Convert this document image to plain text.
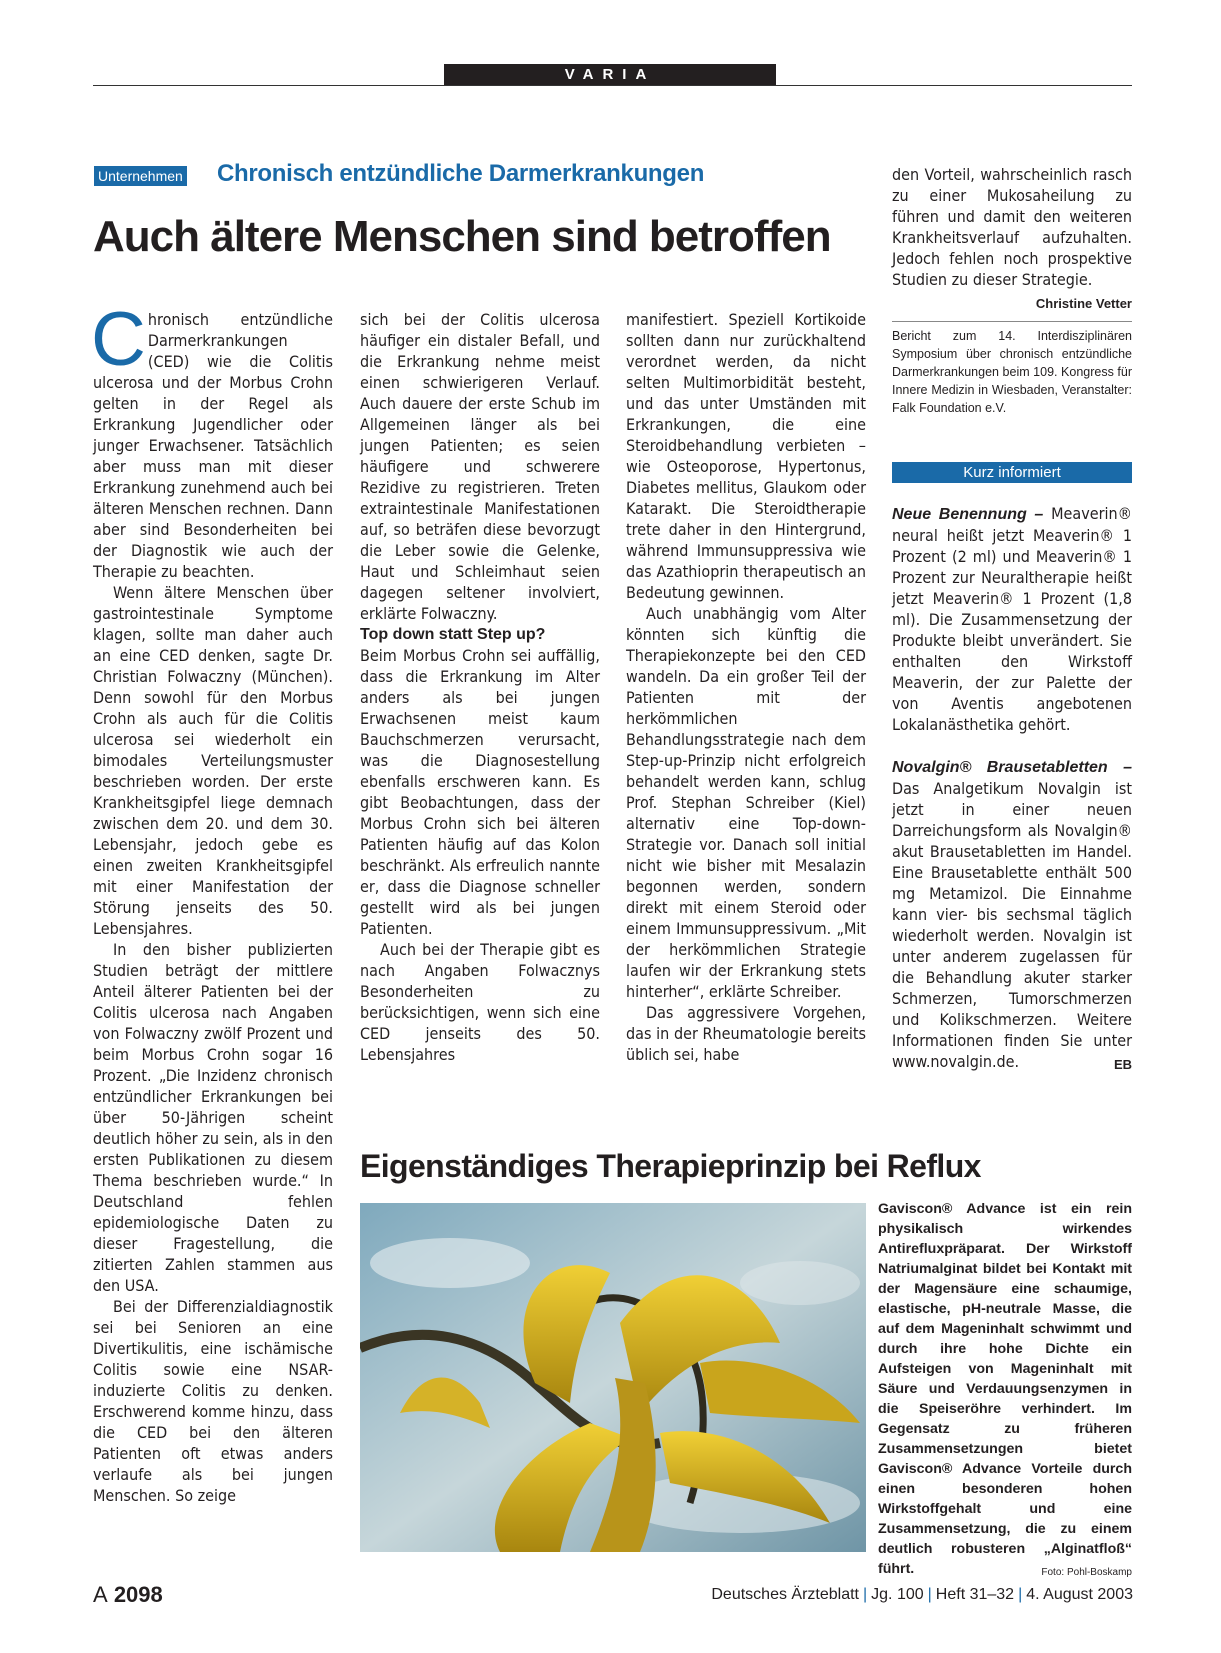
VARIA
Unternehmen Chronisch entzündliche Darmerkrankungen
Auch ältere Menschen sind betroffen

Chronisch entzündliche Darmerkrankungen (CED) wie die Colitis ulcerosa und der Morbus Crohn gelten in der Regel als Erkrankung Jugendlicher oder junger Erwachsener. Tatsächlich aber muss man mit dieser Erkrankung zunehmend auch bei älteren Menschen rechnen. Dann aber sind Besonderheiten bei der Diagnostik wie auch der Therapie zu beachten.

Wenn ältere Menschen über gastrointestinale Symptome klagen, sollte man daher auch an eine CED denken, sagte Dr. Christian Folwaczny (München). Denn sowohl für den Morbus Crohn als auch für die Colitis ulcerosa sei wiederholt ein bimodales Verteilungsmuster beschrieben worden. Der erste Krankheitsgipfel liege demnach zwischen dem 20. und dem 30. Lebensjahr, jedoch gebe es einen zweiten Krankheitsgipfel mit einer Manifestation der Störung jenseits des 50. Lebensjahres.

In den bisher publizierten Studien beträgt der mittlere Anteil älterer Patienten bei der Colitis ulcerosa nach Angaben von Folwaczny zwölf Prozent und beim Morbus Crohn sogar 16 Prozent. „Die Inzidenz chronisch entzündlicher Erkrankungen bei über 50-Jährigen scheint deutlich höher zu sein, als in den ersten Publikationen zu diesem Thema beschrieben wurde.“ In Deutschland fehlen epidemiologische Daten zu dieser Fragestellung, die zitierten Zahlen stammen aus den USA.

Bei der Differenzialdiagnostik sei bei Senioren an eine Divertikulitis, eine ischämische Colitis sowie eine NSAR-induzierte Colitis zu denken. Erschwerend komme hinzu, dass die CED bei den älteren Patienten oft etwas anders verlaufe als bei jungen Menschen. So zeige

sich bei der Colitis ulcerosa häufiger ein distaler Befall, und die Erkrankung nehme meist einen schwierigeren Verlauf. Auch dauere der erste Schub im Allgemeinen länger als bei jungen Patienten; es seien häufigere und schwerere Rezidive zu registrieren. Treten extraintestinale Manifestationen auf, so beträfen diese bevorzugt die Leber sowie die Gelenke, Haut und Schleimhaut seien dagegen seltener involviert, erklärte Folwaczny.

Top down statt Step up?

Beim Morbus Crohn sei auffällig, dass die Erkrankung im Alter anders als bei jungen Erwachsenen meist kaum Bauchschmerzen verursacht, was die Diagnosestellung ebenfalls erschweren kann. Es gibt Beobachtungen, dass der Morbus Crohn sich bei älteren Patienten häufig auf das Kolon beschränkt. Als erfreulich nannte er, dass die Diagnose schneller gestellt wird als bei jungen Patienten.

Auch bei der Therapie gibt es nach Angaben Folwacznys Besonderheiten zu berücksichtigen, wenn sich eine CED jenseits des 50. Lebensjahres

manifestiert. Speziell Kortikoide sollten dann nur zurückhaltend verordnet werden, da nicht selten Multimorbidität besteht, und das unter Umständen mit Erkrankungen, die eine Steroidbehandlung verbieten – wie Osteoporose, Hypertonus, Diabetes mellitus, Glaukom oder Katarakt. Die Steroidtherapie trete daher in den Hintergrund, während Immunsuppressiva wie das Azathioprin therapeutisch an Bedeutung gewinnen.

Auch unabhängig vom Alter könnten sich künftig die Therapiekonzepte bei den CED wandeln. Da ein großer Teil der Patienten mit der herkömmlichen Behandlungsstrategie nach dem Step-up-Prinzip nicht erfolgreich behandelt werden kann, schlug Prof. Stephan Schreiber (Kiel) alternativ eine Top-down-Strategie vor. Danach soll initial nicht wie bisher mit Mesalazin begonnen werden, sondern direkt mit einem Steroid oder einem Immunsuppressivum. „Mit der herkömmlichen Strategie laufen wir der Erkrankung stets hinterher“, erklärte Schreiber.

Das aggressivere Vorgehen, das in der Rheumatologie bereits üblich sei, habe

den Vorteil, wahrscheinlich rasch zu einer Mukosaheilung zu führen und damit den weiteren Krankheitsverlauf aufzuhalten. Jedoch fehlen noch prospektive Studien zu dieser Strategie.
Christine Vetter

Bericht zum 14. Interdisziplinären Symposium über chronisch entzündliche Darmerkrankungen beim 109. Kongress für Innere Medizin in Wiesbaden, Veranstalter: Falk Foundation e.V.
Kurz informiert

Neue Benennung – Meaverin® neural heißt jetzt Meaverin® 1 Prozent (2 ml) und Meaverin® 1 Prozent zur Neuraltherapie heißt jetzt Meaverin® 1 Prozent (1,8 ml). Die Zusammensetzung der Produkte bleibt unverändert. Sie enthalten den Wirkstoff Meaverin, der zur Palette der von Aventis angebotenen Lokalanästhetika gehört.

Novalgin® Brausetabletten – Das Analgetikum Novalgin ist jetzt in einer neuen Darreichungsform als Novalgin® akut Brausetabletten im Handel. Eine Brausetablette enthält 500 mg Metamizol. Die Einnahme kann vier- bis sechsmal täglich wiederholt werden. Novalgin ist unter anderem zugelassen für die Behandlung akuter starker Schmerzen, Tumorschmerzen und Kolikschmerzen. Weitere Informationen finden Sie unter www.novalgin.de.	EB

Eigenständiges Therapieprinzip bei Reflux
Gaviscon® Advance ist ein rein physikalisch wirkendes Antirefluxpräparat. Der Wirkstoff Natriumalginat bildet bei Kontakt mit der Magensäure eine schaumige, elastische, pH-neutrale Masse, die auf dem Mageninhalt schwimmt und durch ihre hohe Dichte ein Aufsteigen von Mageninhalt mit Säure und Verdauungsenzymen in die Speiseröhre verhindert. Im Gegensatz zu früheren Zusammensetzungen bietet Gaviscon® Advance Vorteile durch einen besonderen hohen Wirkstoffgehalt und eine Zusammensetzung, die zu einem deutlich robusteren „Alginatfloß“ führt.	Foto: Pohl-Boskamp
A 2098	Deutsches Ärzteblatt | Jg. 100 | Heft 31–32 | 4. August 2003
